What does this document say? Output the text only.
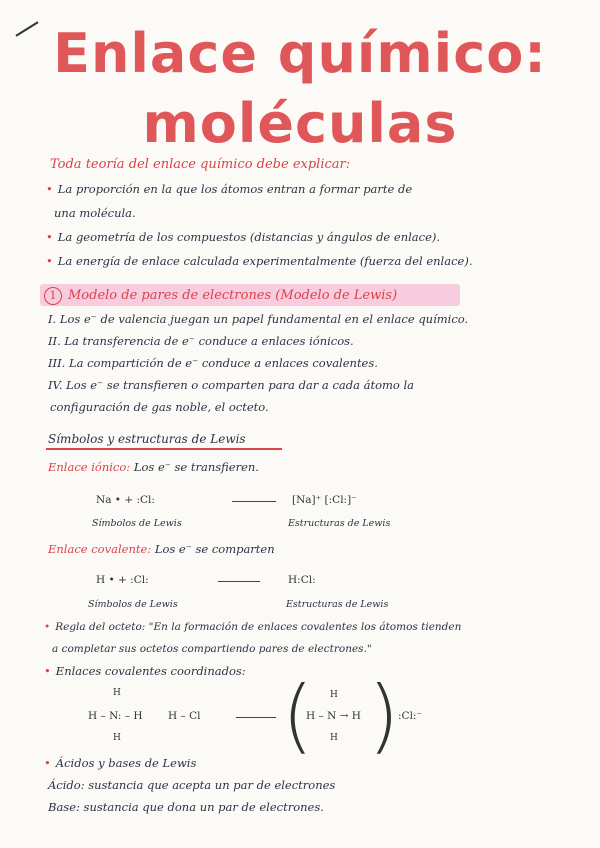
Enlace químico:
moléculas
Toda teoría del enlace químico debe explicar:
• La proporción en la que los átomos entran a formar parte de
una molécula.
• La geometría de los compuestos (distancias y ángulos de enlace).
• La energía de enlace calculada experimentalmente (fuerza del enlace).
1 Modelo de pares de electrones (Modelo de Lewis)
I. Los e⁻ de valencia juegan un papel fundamental en el enlace químico.
II. La transferencia de e⁻ conduce a enlaces iónicos.
III. La compartición de e⁻ conduce a enlaces covalentes.
IV. Los e⁻ se transfieren o comparten para dar a cada átomo la
configuración de gas noble, el octeto.
Símbolos y estructuras de Lewis
Enlace iónico: Los e⁻ se transfieren.
Na • + :Cl:	[Na]⁺ [:Cl:]⁻
Símbolos de Lewis	Estructuras de Lewis
Enlace covalente: Los e⁻ se comparten
H • + :Cl:	H:Cl:
Símbolos de Lewis	Estructuras de Lewis
• Regla del octeto: "En la formación de enlaces covalentes los átomos tienden
a completar sus octetos compartiendo pares de electrones."
• Enlaces covalentes coordinados:
H
H – N: – H
H
H – Cl ( H
H – N → H
H )
:Cl:⁻
• Ácidos y bases de Lewis
Ácido: sustancia que acepta un par de electrones
Base: sustancia que dona un par de electrones.
